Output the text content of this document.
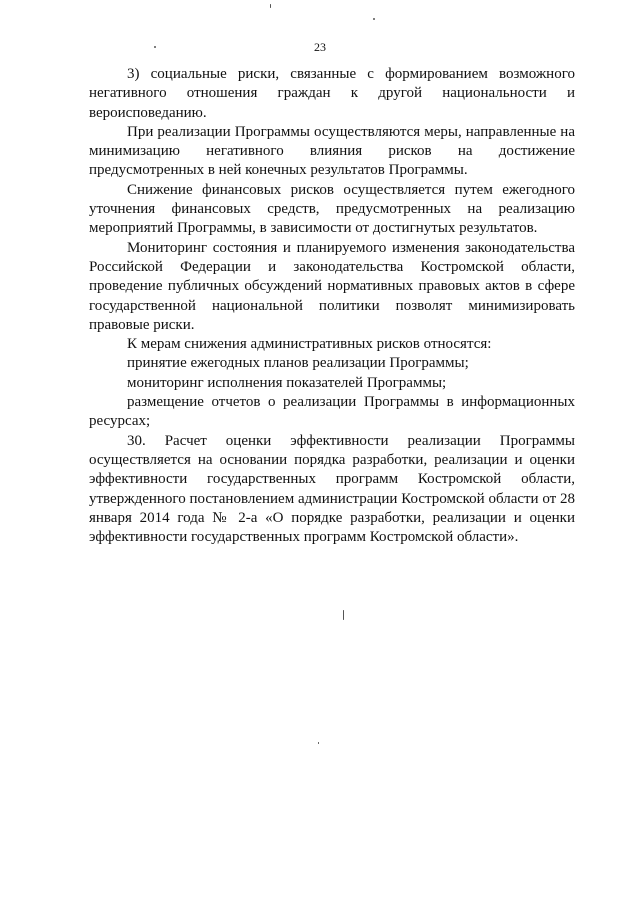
23

3) социальные риски, связанные с формированием возможного негативного отношения граждан к другой национальности и вероисповеданию.

При реализации Программы осуществляются меры, направленные на минимизацию негативного влияния рисков на достижение предусмотренных в ней конечных результатов Программы.

Снижение финансовых рисков осуществляется путем ежегодного уточнения финансовых средств, предусмотренных на реализацию мероприятий Программы, в зависимости от достигнутых результатов.

Мониторинг состояния и планируемого изменения законодательства Российской Федерации и законодательства Костромской области, проведение публичных обсуждений нормативных правовых актов в сфере государственной национальной политики позволят минимизировать правовые риски.

К мерам снижения административных рисков относятся:

принятие ежегодных планов реализации Программы;

мониторинг исполнения показателей Программы;

размещение отчетов о реализации Программы в информационных ресурсах;

30. Расчет оценки эффективности реализации Программы осуществляется на основании порядка разработки, реализации и оценки эффективности государственных программ Костромской области, утвержденного постановлением администрации Костромской области от 28 января 2014 года № 2-а «О порядке разработки, реализации и оценки эффективности государственных программ Костромской области».
